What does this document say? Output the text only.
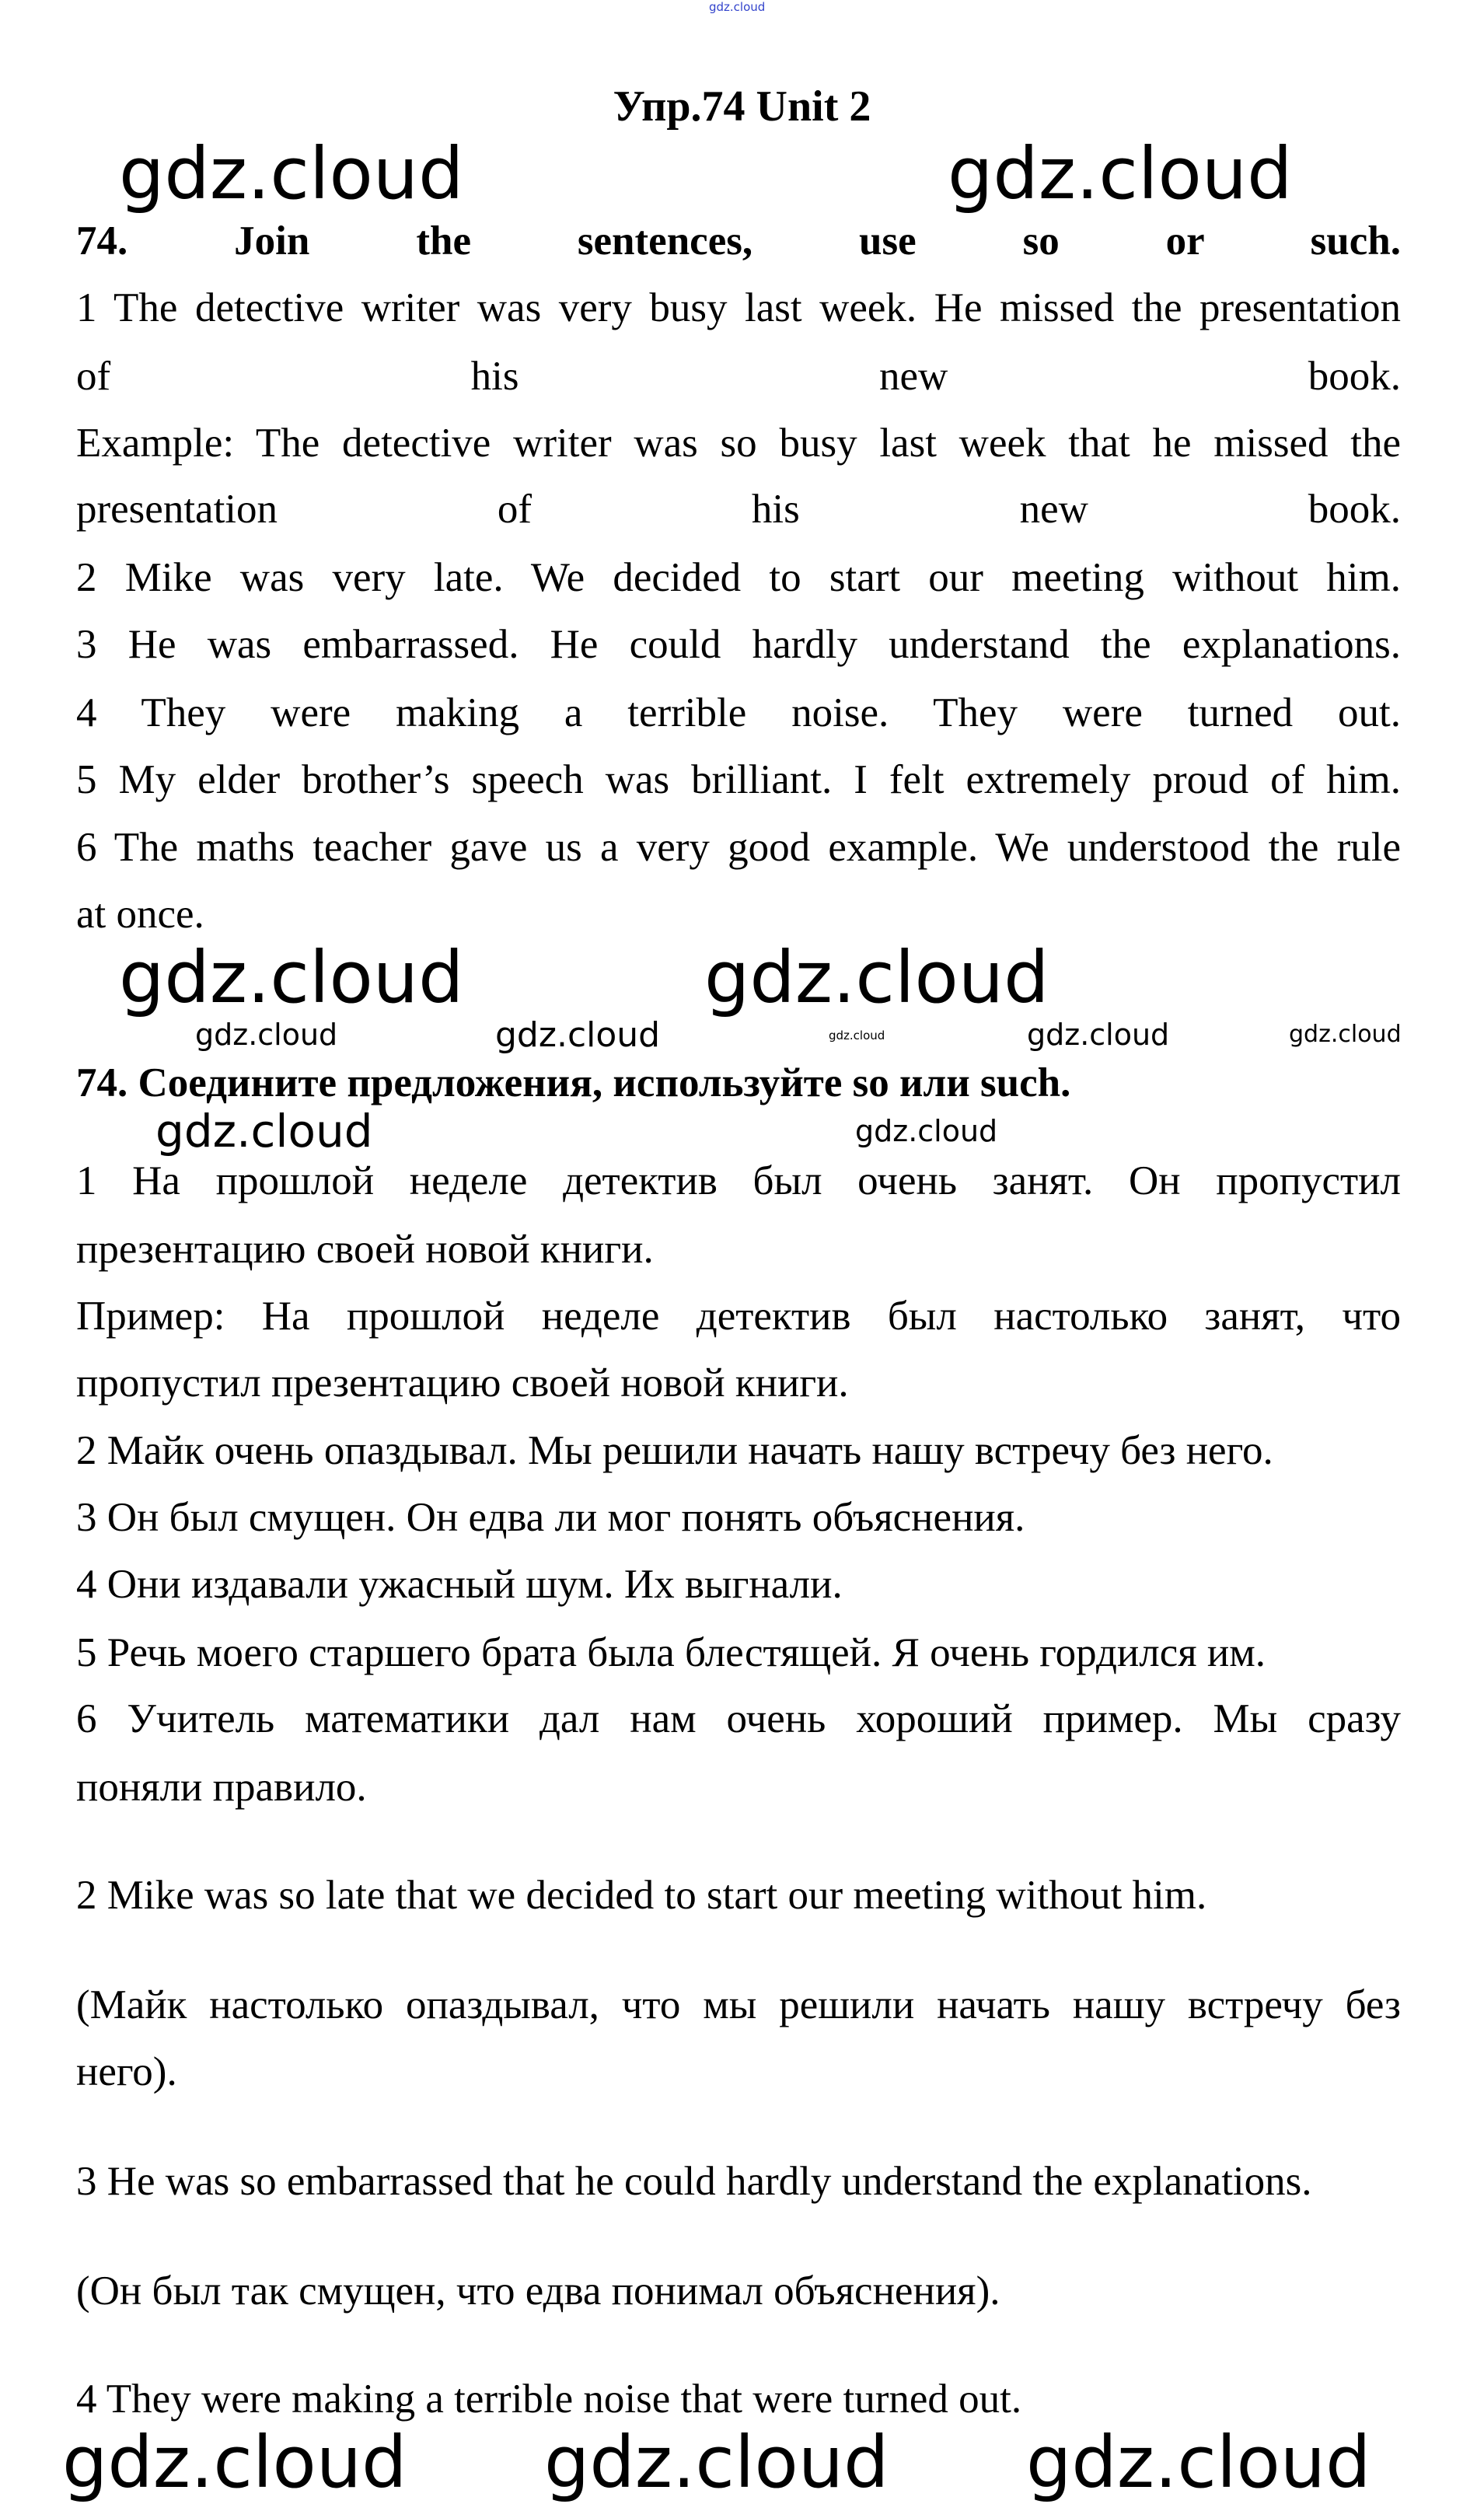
gdz.cloud
Упр.74 Unit 2
74. Join the sentences, use so or such.
1 The detective writer was very busy last week. He missed the presentation
of his new book.
Example: The detective writer was so busy last week that he missed the
presentation of his new book.
2 Mike was very late. We decided to start our meeting without him.
3 He was embarrassed. He could hardly understand the explanations.
4 They were making a terrible noise. They were turned out.
5 My elder brother’s speech was brilliant. I felt extremely proud of him.
6 The maths teacher gave us a very good example. We understood the rule
at once.
74. Соедините предложения, используйте so или such.
1 На прошлой неделе детектив был очень занят. Он пропустил
презентацию своей новой книги.
Пример: На прошлой неделе детектив был настолько занят, что
пропустил презентацию своей новой книги.
2 Майк очень опаздывал. Мы решили начать нашу встречу без него.
3 Он был смущен. Он едва ли мог понять объяснения.
4 Они издавали ужасный шум. Их выгнали.
5 Речь моего старшего брата была блестящей. Я очень гордился им.
6 Учитель математики дал нам очень хороший пример. Мы сразу
поняли правило.
2 Mike was so late that we decided to start our meeting without him.
(Майк настолько опаздывал, что мы решили начать нашу встречу без
него).
3 He was so embarrassed that he could hardly understand the explanations.
(Он был так смущен, что едва понимал объяснения).
4 They were making a terrible noise that were turned out.
gdz.cloud	gdz.cloud
gdz.cloud	gdz.cloud
gdz.cloud	gdz.cloud	gdz.cloud	gdz.cloud	gdz.cloud
gdz.cloud	gdz.cloud
gdz.cloud gdz.cloud gdz.cloud
